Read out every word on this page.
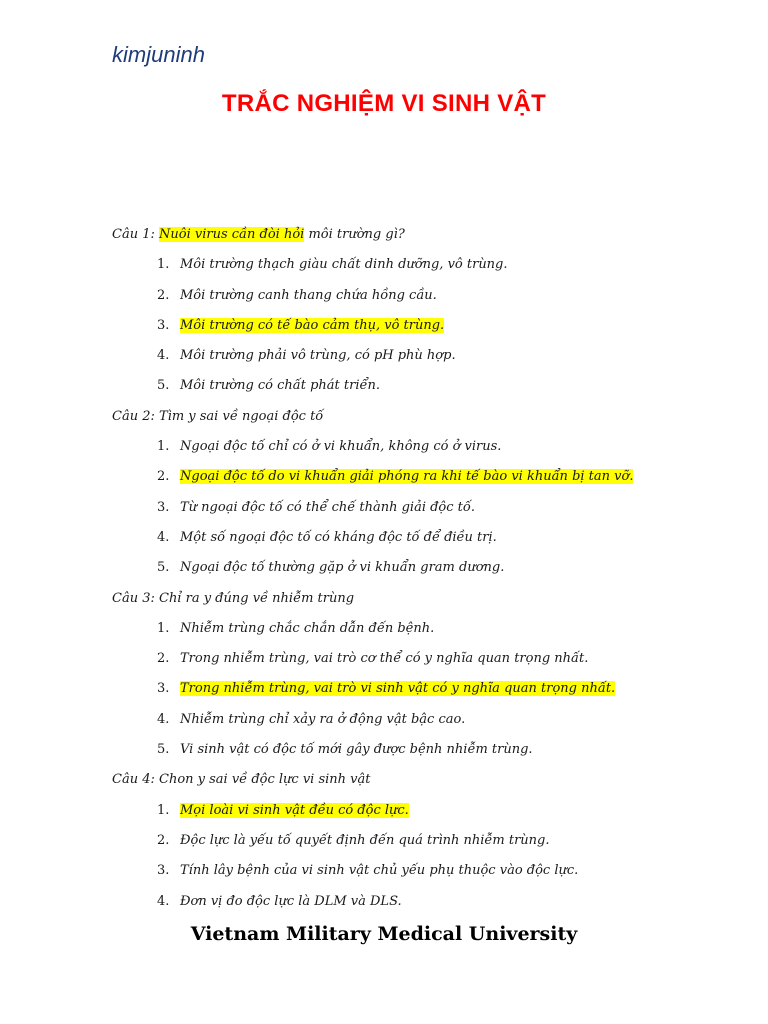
kimjuninh
TRẮC NGHIỆM VI SINH VẬT
Câu 1: Nuôi virus cần đòi hỏi môi trường gì?
1. Môi trường thạch giàu chất dinh dưỡng, vô trùng.
2. Môi trường canh thang chứa hồng cầu.
3. Môi trường có tế bào cảm thụ, vô trùng.
4. Môi trường phải vô trùng, có pH phù hợp.
5. Môi trường có chất phát triển.
Câu 2: Tìm y sai về ngoại độc tố
1. Ngoại độc tố chỉ có ở vi khuẩn, không có ở virus.
2. Ngoại độc tố do vi khuẩn giải phóng ra khi tế bào vi khuẩn bị tan vỡ.
3. Từ ngoại độc tố có thể chế thành giải độc tố.
4. Một số ngoại độc tố có kháng độc tố để điều trị.
5. Ngoại độc tố thường gặp ở vi khuẩn gram dương.
Câu 3: Chỉ ra y đúng về nhiễm trùng
1. Nhiễm trùng chắc chắn dẫn đến bệnh.
2. Trong nhiễm trùng, vai trò cơ thể có y nghĩa quan trọng nhất.
3. Trong nhiễm trùng, vai trò vi sinh vật có y nghĩa quan trọng nhất.
4. Nhiễm trùng chỉ xảy ra ở động vật bậc cao.
5. Vi sinh vật có độc tố mới gây được bệnh nhiễm trùng.
Câu 4: Chon y sai về độc lực vi sinh vật
1. Mọi loài vi sinh vật đều có độc lực.
2. Độc lực là yếu tố quyết định đến quá trình nhiễm trùng.
3. Tính lây bệnh của vi sinh vật chủ yếu phụ thuộc vào độc lực.
4. Đơn vị đo độc lực là DLM và DLS.
Vietnam Military Medical University
